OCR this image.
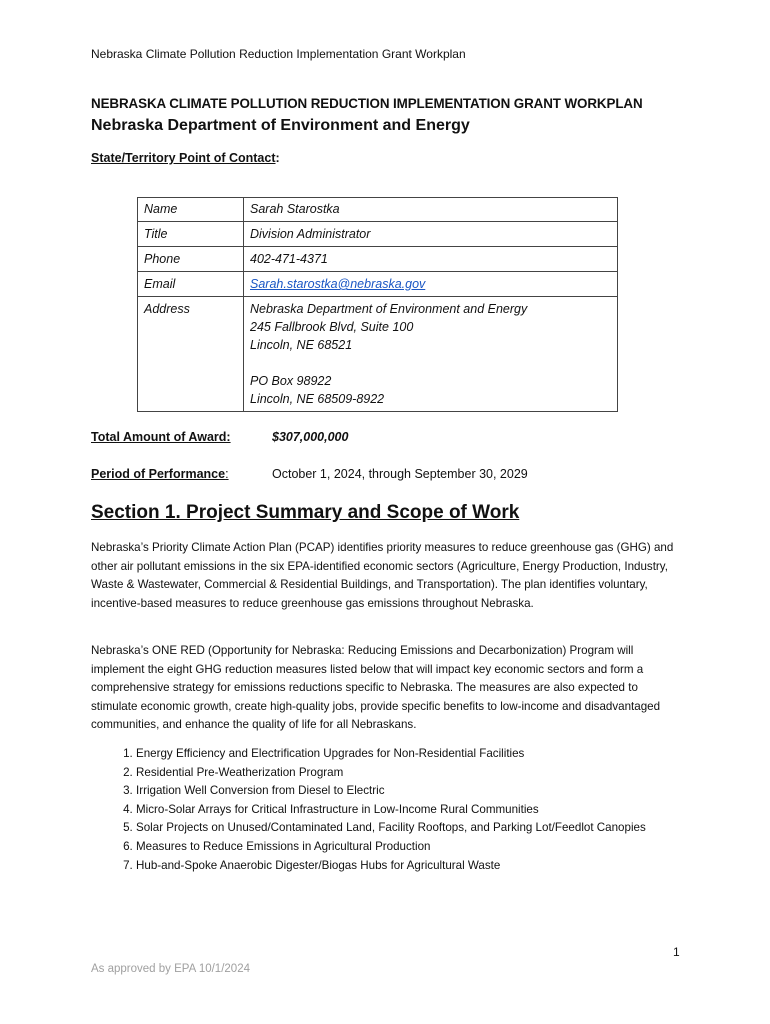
Nebraska Climate Pollution Reduction Implementation Grant Workplan
NEBRASKA CLIMATE POLLUTION REDUCTION IMPLEMENTATION GRANT WORKPLAN
Nebraska Department of Environment and Energy
State/Territory Point of Contact:
Name	Sarah Starostka
Title	Division Administrator
Phone	402-471-4371
Email	Sarah.starostka@nebraska.gov
Address	Nebraska Department of Environment and Energy
245 Fallbrook Blvd, Suite 100
Lincoln, NE 68521
PO Box 98922
Lincoln, NE 68509-8922
Total Amount of Award:	$307,000,000
Period of Performance:	October 1, 2024, through September 30, 2029
Section 1. Project Summary and Scope of Work
Nebraska’s Priority Climate Action Plan (PCAP) identifies priority measures to reduce greenhouse gas (GHG) and other air pollutant emissions in the six EPA-identified economic sectors (Agriculture, Energy Production, Industry, Waste & Wastewater, Commercial & Residential Buildings, and Transportation). The plan identifies voluntary, incentive-based measures to reduce greenhouse gas emissions throughout Nebraska.
Nebraska’s ONE RED (Opportunity for Nebraska: Reducing Emissions and Decarbonization) Program will implement the eight GHG reduction measures listed below that will impact key economic sectors and form a comprehensive strategy for emissions reductions specific to Nebraska. The measures are also expected to stimulate economic growth, create high-quality jobs, provide specific benefits to low-income and disadvantaged communities, and enhance the quality of life for all Nebraskans.
1. Energy Efficiency and Electrification Upgrades for Non-Residential Facilities
2. Residential Pre-Weatherization Program
3. Irrigation Well Conversion from Diesel to Electric
4. Micro-Solar Arrays for Critical Infrastructure in Low-Income Rural Communities
5. Solar Projects on Unused/Contaminated Land, Facility Rooftops, and Parking Lot/Feedlot Canopies
6. Measures to Reduce Emissions in Agricultural Production
7. Hub-and-Spoke Anaerobic Digester/Biogas Hubs for Agricultural Waste
1
As approved by EPA 10/1/2024
